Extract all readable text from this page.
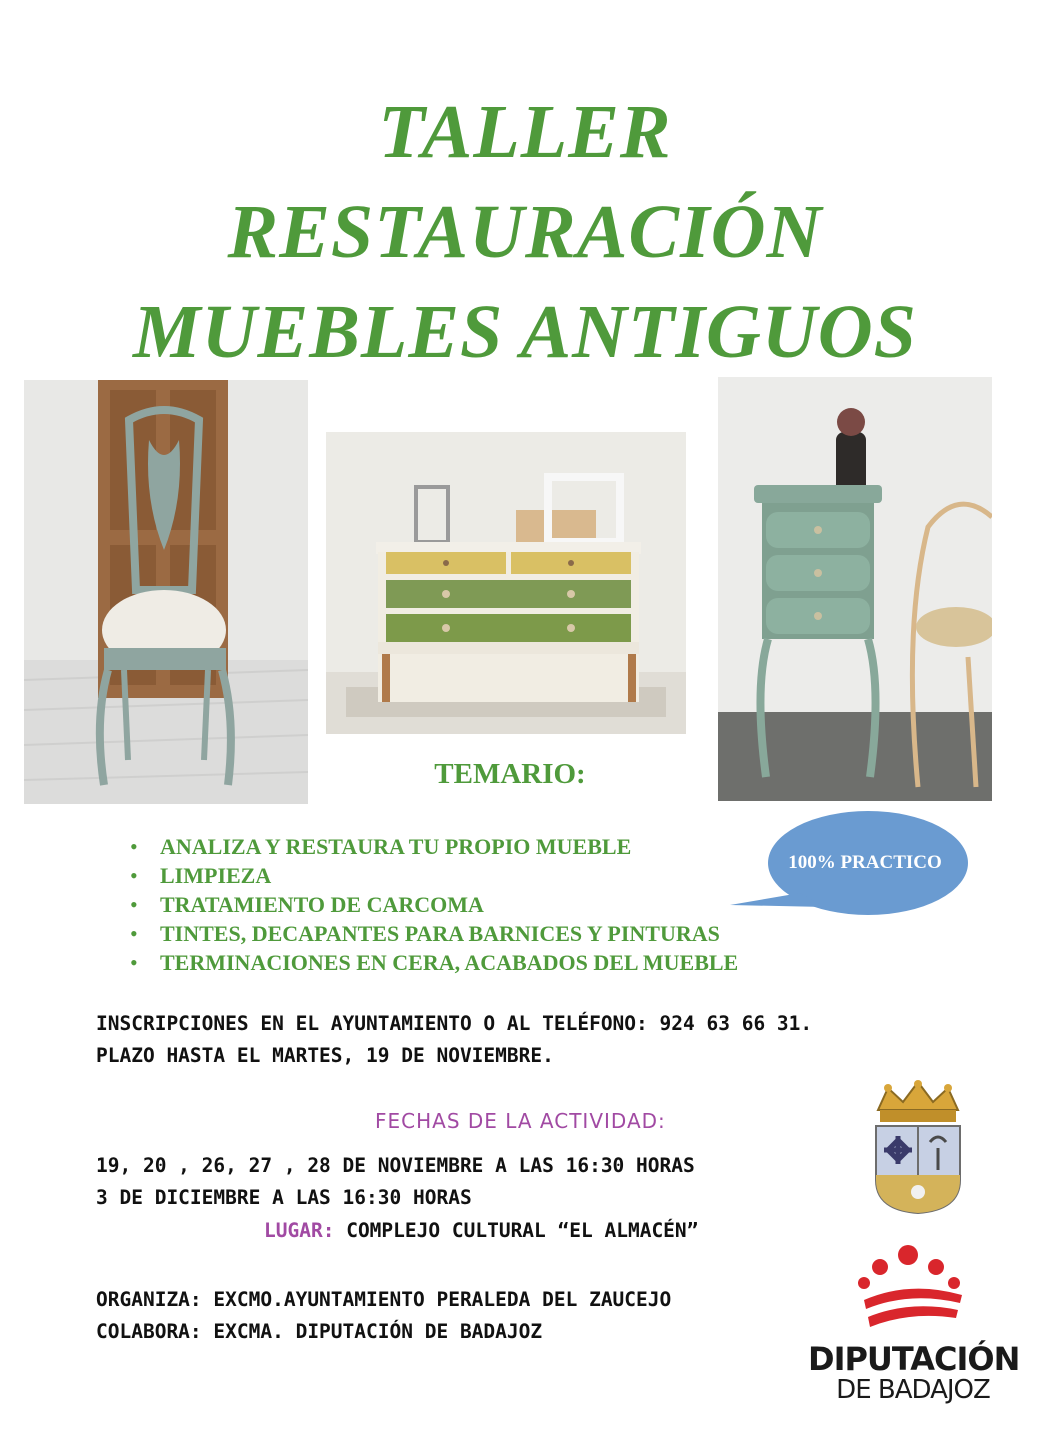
TALLER
RESTAURACIÓN
MUEBLES ANTIGUOS
TEMARIO:
• ANALIZA Y RESTAURA TU PROPIO MUEBLE
• LIMPIEZA
• TRATAMIENTO DE CARCOMA
• TINTES, DECAPANTES PARA BARNICES Y PINTURAS
• TERMINACIONES EN CERA, ACABADOS DEL MUEBLE
100% PRACTICO
INSCRIPCIONES EN EL AYUNTAMIENTO O AL TELÉFONO: 924 63 66 31.
PLAZO HASTA EL MARTES, 19 DE NOVIEMBRE.
FECHAS DE LA ACTIVIDAD:
19, 20 , 26, 27 , 28 DE NOVIEMBRE A LAS 16:30 HORAS
3 DE DICIEMBRE A LAS 16:30 HORAS
LUGAR: COMPLEJO CULTURAL “EL ALMACÉN”
ORGANIZA: EXCMO.AYUNTAMIENTO PERALEDA DEL ZAUCEJO
COLABORA: EXCMA. DIPUTACIÓN DE BADAJOZ
DIPUTACIÓN
DE BADAJOZ
